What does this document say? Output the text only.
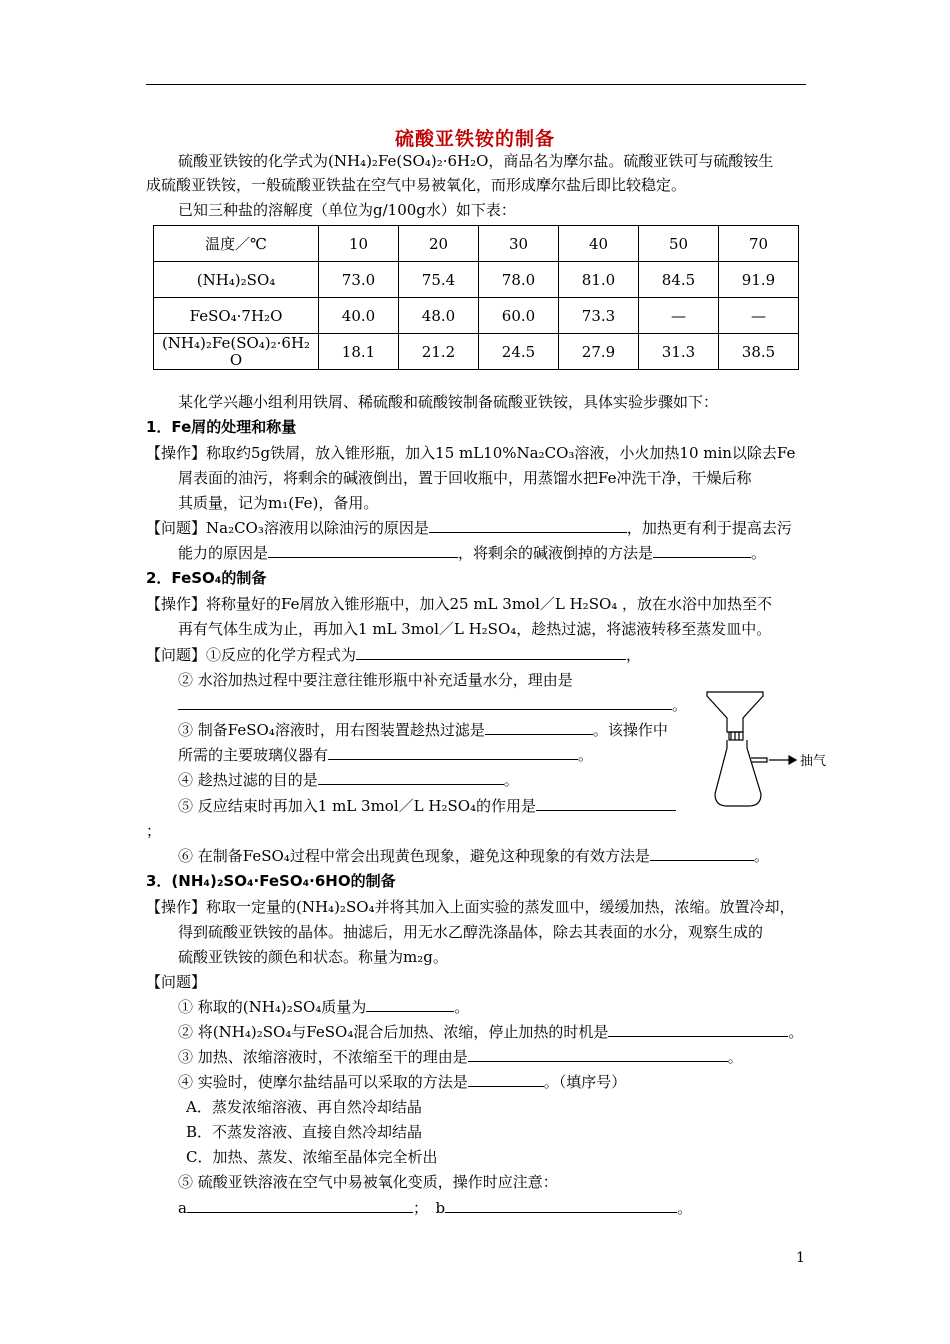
硫酸亚铁铵的制备
硫酸亚铁铵的化学式为(NH₄)₂Fe(SO₄)₂·6H₂O，商品名为摩尔盐。硫酸亚铁可与硫酸铵生
成硫酸亚铁铵，一般硫酸亚铁盐在空气中易被氧化，而形成摩尔盐后即比较稳定。
已知三种盐的溶解度（单位为g/100g水）如下表：
温度／℃	10	20	30	40	50	70
(NH₄)₂SO₄	73.0	75.4	78.0	81.0	84.5	91.9
FeSO₄·7H₂O	40.0	48.0	60.0	73.3	—	—
(NH₄)₂Fe(SO₄)₂·6H₂
O	18.1	21.2	24.5	27.9	31.3	38.5
某化学兴趣小组利用铁屑、稀硫酸和硫酸铵制备硫酸亚铁铵，具体实验步骤如下：
1．Fe屑的处理和称量
【操作】称取约5g铁屑，放入锥形瓶，加入15 mL10%Na₂CO₃溶液，小火加热10 min以除去Fe
屑表面的油污，将剩余的碱液倒出，置于回收瓶中，用蒸馏水把Fe冲洗干净，干燥后称
其质量，记为m₁(Fe)，备用。
【问题】Na₂CO₃溶液用以除油污的原因是	，加热更有利于提高去污
能力的原因是	，将剩余的碱液倒掉的方法是	。
2．FeSO₄的制备
【操作】将称量好的Fe屑放入锥形瓶中，加入25 mL 3mol／L H₂SO₄ ，放在水浴中加热至不
再有气体生成为止，再加入1 mL 3mol／L H₂SO₄，趁热过滤，将滤液转移至蒸发皿中。
【问题】①反应的化学方程式为	，
② 水浴加热过程中要注意往锥形瓶中补充适量水分，理由是
。
③ 制备FeSO₄溶液时，用右图装置趁热过滤是	。该操作中
所需的主要玻璃仪器有	。
④ 趁热过滤的目的是	。
⑤ 反应结束时再加入1 mL 3mol／L H₂SO₄的作用是
；
⑥ 在制备FeSO₄过程中常会出现黄色现象，避免这种现象的有效方法是	。
抽气
3．(NH₄)₂SO₄·FeSO₄·6HO的制备
【操作】称取一定量的(NH₄)₂SO₄并将其加入上面实验的蒸发皿中，缓缓加热，浓缩。放置冷却，
得到硫酸亚铁铵的晶体。抽滤后，用无水乙醇洗涤晶体，除去其表面的水分，观察生成的
硫酸亚铁铵的颜色和状态。称量为m₂g。
【问题】
① 称取的(NH₄)₂SO₄质量为	。
② 将(NH₄)₂SO₄与FeSO₄混合后加热、浓缩，停止加热的时机是	。
③ 加热、浓缩溶液时，不浓缩至干的理由是	。
④ 实验时，使摩尔盐结晶可以采取的方法是	。（填序号）
A．蒸发浓缩溶液、再自然冷却结晶
B．不蒸发溶液、直接自然冷却结晶
C．加热、蒸发、浓缩至晶体完全析出
⑤ 硫酸亚铁溶液在空气中易被氧化变质，操作时应注意：
a	；　b	。
1
